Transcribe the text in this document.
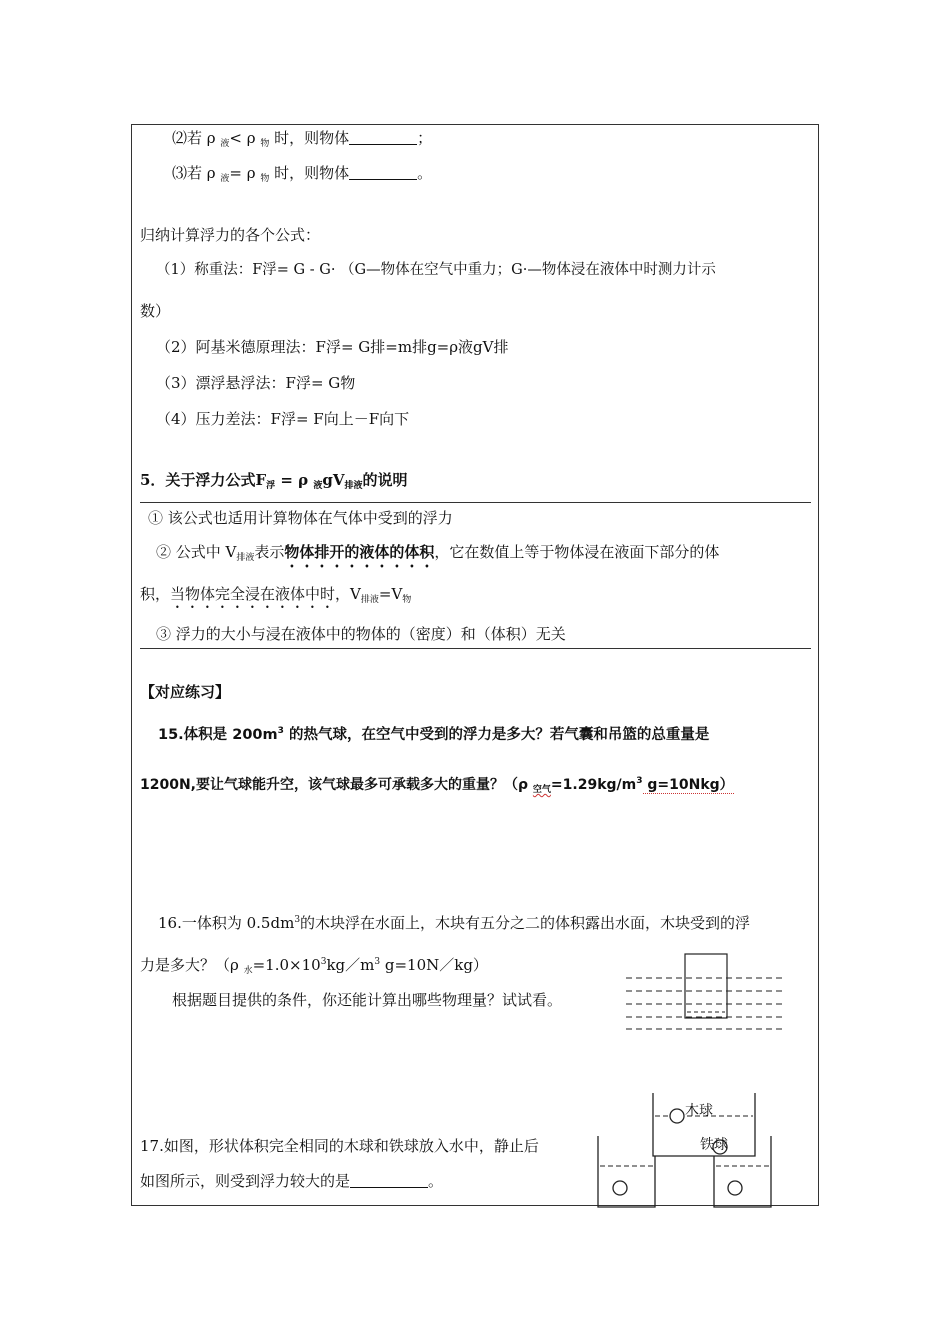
⑵若 ρ $_液$< ρ $_物$ 时，则物体	；
⑶若 ρ $_液$= ρ $_物$ 时，则物体	。
归纳计算浮力的各个公式：
（1）称重法：F浮= G - G· （G—物体在空气中重力；G·—物体浸在液体中时测力计示
数）
（2）阿基米德原理法：F浮= G排=m排g=ρ液gV排
（3）漂浮悬浮法：F浮= G物
（4）压力差法：F浮= F向上－F向下
5．关于浮力公式$F_浮 = \rho$ $_液gV_{排液}$的说明
① 该公式也适用计算物体在气体中受到的浮力
② 公式中 $V_{排液}$表示物体排开的液体的体积，它在数值上等于物体浸在液面下部分的体
积，当物体完全浸在液体中时，$V_{排液}=V_物$
③ 浮力的大小与浸在液体中的物体的（密度）和（体积）无关
【对应练习】
15.体积是 $200m^3$ 的热气球，在空气中受到的浮力是多大？若气囊和吊篮的总重量是
1200N,要让气球能升空，该气球最多可承载多大的重量？（ρ $_{空气}=1.29kg/m^3$ g=10Nkg）
16.一体积为 $0.5dm^3$的木块浮在水面上，木块有五分之二的体积露出水面，木块受到的浮
力是多大？（ρ $_水=1.0\times 10^3kg/m^3$ g=10N／kg）
根据题目提供的条件，你还能计算出哪些物理量？试试看。
17.如图，形状体积完全相同的木球和铁球放入水中，静止后
如图所示，则受到浮力较大的是	。
木球
铁球
